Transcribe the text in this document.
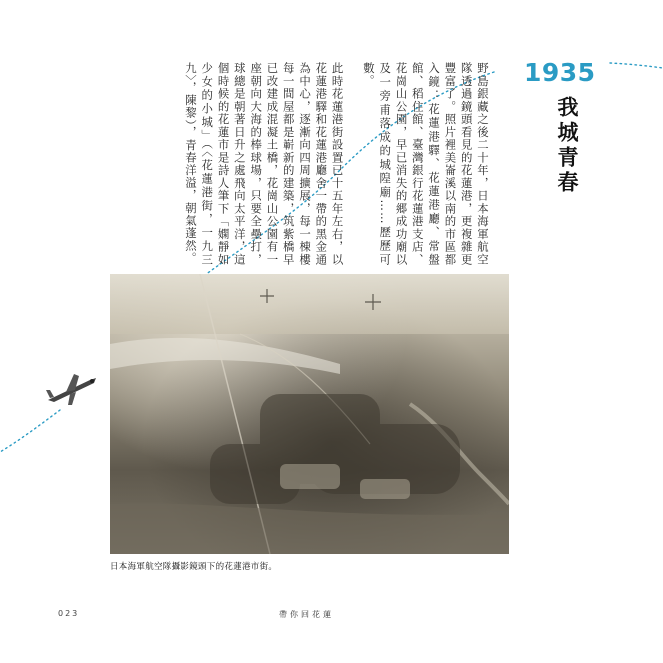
1935
我城青春

野島銀藏之後二十年，日本海軍航空隊透過鏡頭看見的花蓮港，更複雜更豐富了。照片裡美崙溪以南的市區都入鏡：花蓮港驛、花蓮港廳、常盤館、稻住館、臺灣銀行花蓮港支店、花崗山公園，早已消失的郷成功廟以及一旁甫落成的城隍廟……歷歷可數。

此時花蓮港街設置已十五年左右，以花蓮港驛和花蓮港廳舍一帶的黑金通為中心，逐漸向四周擴展，每一棟樓每一間屋都是嶄新的建築，筑紫橋早已改建成混凝土橋，花崗山公園有一座朝向大海的棒球場，只要全壘打，球總是朝著日升之處飛向太平洋，這個時候的花蓮市是詩人筆下「嫻靜如少女的小城」（〈花蓮港街，一九三九〉，陳黎），青春洋溢，朝氣蓬然。

日本海軍航空隊攝影鏡頭下的花蓮港市街。
023	帶你回花蓮
